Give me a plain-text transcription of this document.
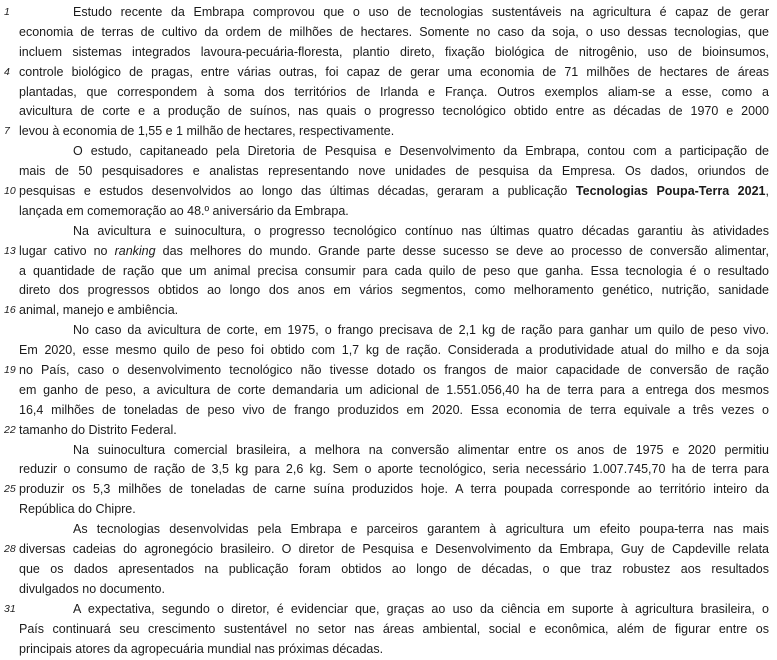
1	Estudo recente da Embrapa comprovou que o uso de tecnologias sustentáveis na agricultura é capaz de gerar
economia de terras de cultivo da ordem de milhões de hectares. Somente no caso da soja, o uso dessas tecnologias, que
incluem sistemas integrados lavoura-pecuária-floresta, plantio direto, fixação biológica de nitrogênio, uso de bioinsumos,
4 controle biológico de pragas, entre várias outras, foi capaz de gerar uma economia de 71 milhões de hectares de áreas
plantadas, que correspondem à soma dos territórios de Irlanda e França. Outros exemplos aliam-se a esse, como a
avicultura de corte e a produção de suínos, nas quais o progresso tecnológico obtido entre as décadas de 1970 e 2000
7 levou à economia de 1,55 e 1 milhão de hectares, respectivamente.
O estudo, capitaneado pela Diretoria de Pesquisa e Desenvolvimento da Embrapa, contou com a participação de
mais de 50 pesquisadores e analistas representando nove unidades de pesquisa da Empresa. Os dados, oriundos de
10 pesquisas e estudos desenvolvidos ao longo das últimas décadas, geraram a publicação Tecnologias Poupa-Terra 2021,
lançada em comemoração ao 48.º aniversário da Embrapa.
Na avicultura e suinocultura, o progresso tecnológico contínuo nas últimas quatro décadas garantiu às atividades
13 lugar cativo no ranking das melhores do mundo. Grande parte desse sucesso se deve ao processo de conversão alimentar,
a quantidade de ração que um animal precisa consumir para cada quilo de peso que ganha. Essa tecnologia é o resultado
direto dos progressos obtidos ao longo dos anos em vários segmentos, como melhoramento genético, nutrição, sanidade
16 animal, manejo e ambiência.
No caso da avicultura de corte, em 1975, o frango precisava de 2,1 kg de ração para ganhar um quilo de peso vivo.
Em 2020, esse mesmo quilo de peso foi obtido com 1,7 kg de ração. Considerada a produtividade atual do milho e da soja
19 no País, caso o desenvolvimento tecnológico não tivesse dotado os frangos de maior capacidade de conversão de ração
em ganho de peso, a avicultura de corte demandaria um adicional de 1.551.056,40 ha de terra para a entrega dos mesmos
16,4 milhões de toneladas de peso vivo de frango produzidos em 2020. Essa economia de terra equivale a três vezes o
22 tamanho do Distrito Federal.
Na suinocultura comercial brasileira, a melhora na conversão alimentar entre os anos de 1975 e 2020 permitiu
reduzir o consumo de ração de 3,5 kg para 2,6 kg. Sem o aporte tecnológico, seria necessário 1.007.745,70 ha de terra para
25 produzir os 5,3 milhões de toneladas de carne suína produzidos hoje. A terra poupada corresponde ao território inteiro da
República do Chipre.
As tecnologias desenvolvidas pela Embrapa e parceiros garantem à agricultura um efeito poupa-terra nas mais
28 diversas cadeias do agronegócio brasileiro. O diretor de Pesquisa e Desenvolvimento da Embrapa, Guy de Capdeville relata
que os dados apresentados na publicação foram obtidos ao longo de décadas, o que traz robustez aos resultados
divulgados no documento.
31	A expectativa, segundo o diretor, é evidenciar que, graças ao uso da ciência em suporte à agricultura brasileira, o
País continuará seu crescimento sustentável no setor nas áreas ambiental, social e econômica, além de figurar entre os
principais atores da agropecuária mundial nas próximas décadas.
